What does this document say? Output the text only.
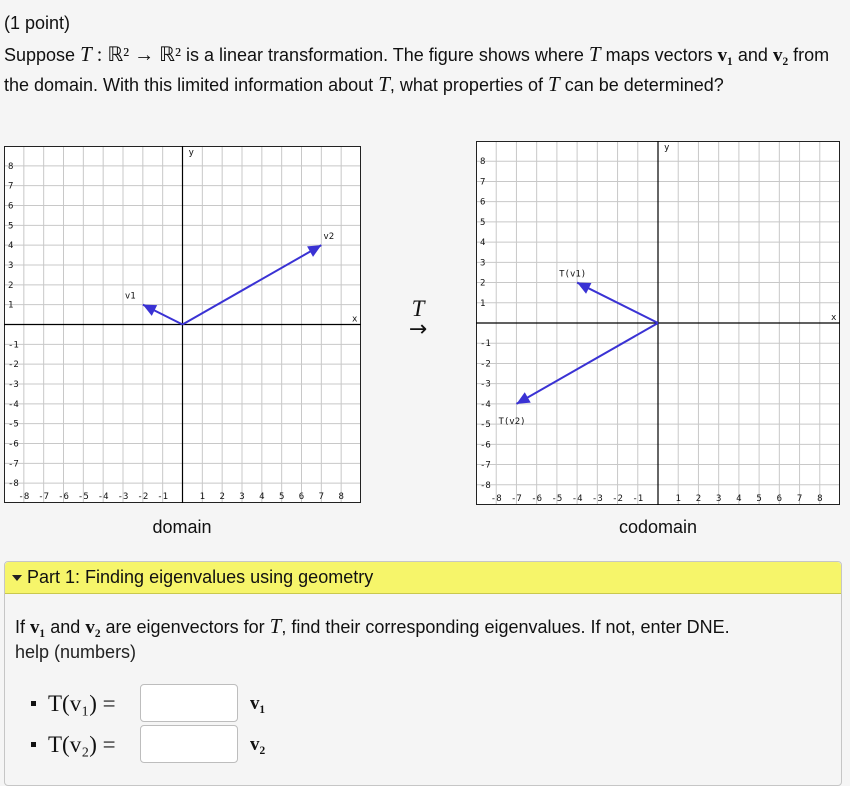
(1 point)
Suppose T : ℝ² → ℝ² is a linear transformation. The figure shows where T maps vectors v₁ and v₂ from the domain. With this limited information about T, what properties of T can be determined?
-8
-8
-7
-7
-6
-6
-5
-5
-4
-4
-3
-3
-2
-2
-1
-1
1
1
2
2
3
3
4
4
5
5
6
6
7
7
8
8
y
x
v1
v2
domain
T
→
-8
-8
-7
-7
-6
-6
-5
-5
-4
-4
-3
-3
-2
-2
-1
-1
1
1
2
2
3
3
4
4
5
5
6
6
7
7
8
8
y
x
T(v1)
T(v2)
codomain
Part 1: Finding eigenvalues using geometry
If v₁ and v₂ are eigenvectors for T, find their corresponding eigenvalues. If not, enter DNE.
help (numbers)
T(v₁) =	v₁
T(v₂) =	v₂
